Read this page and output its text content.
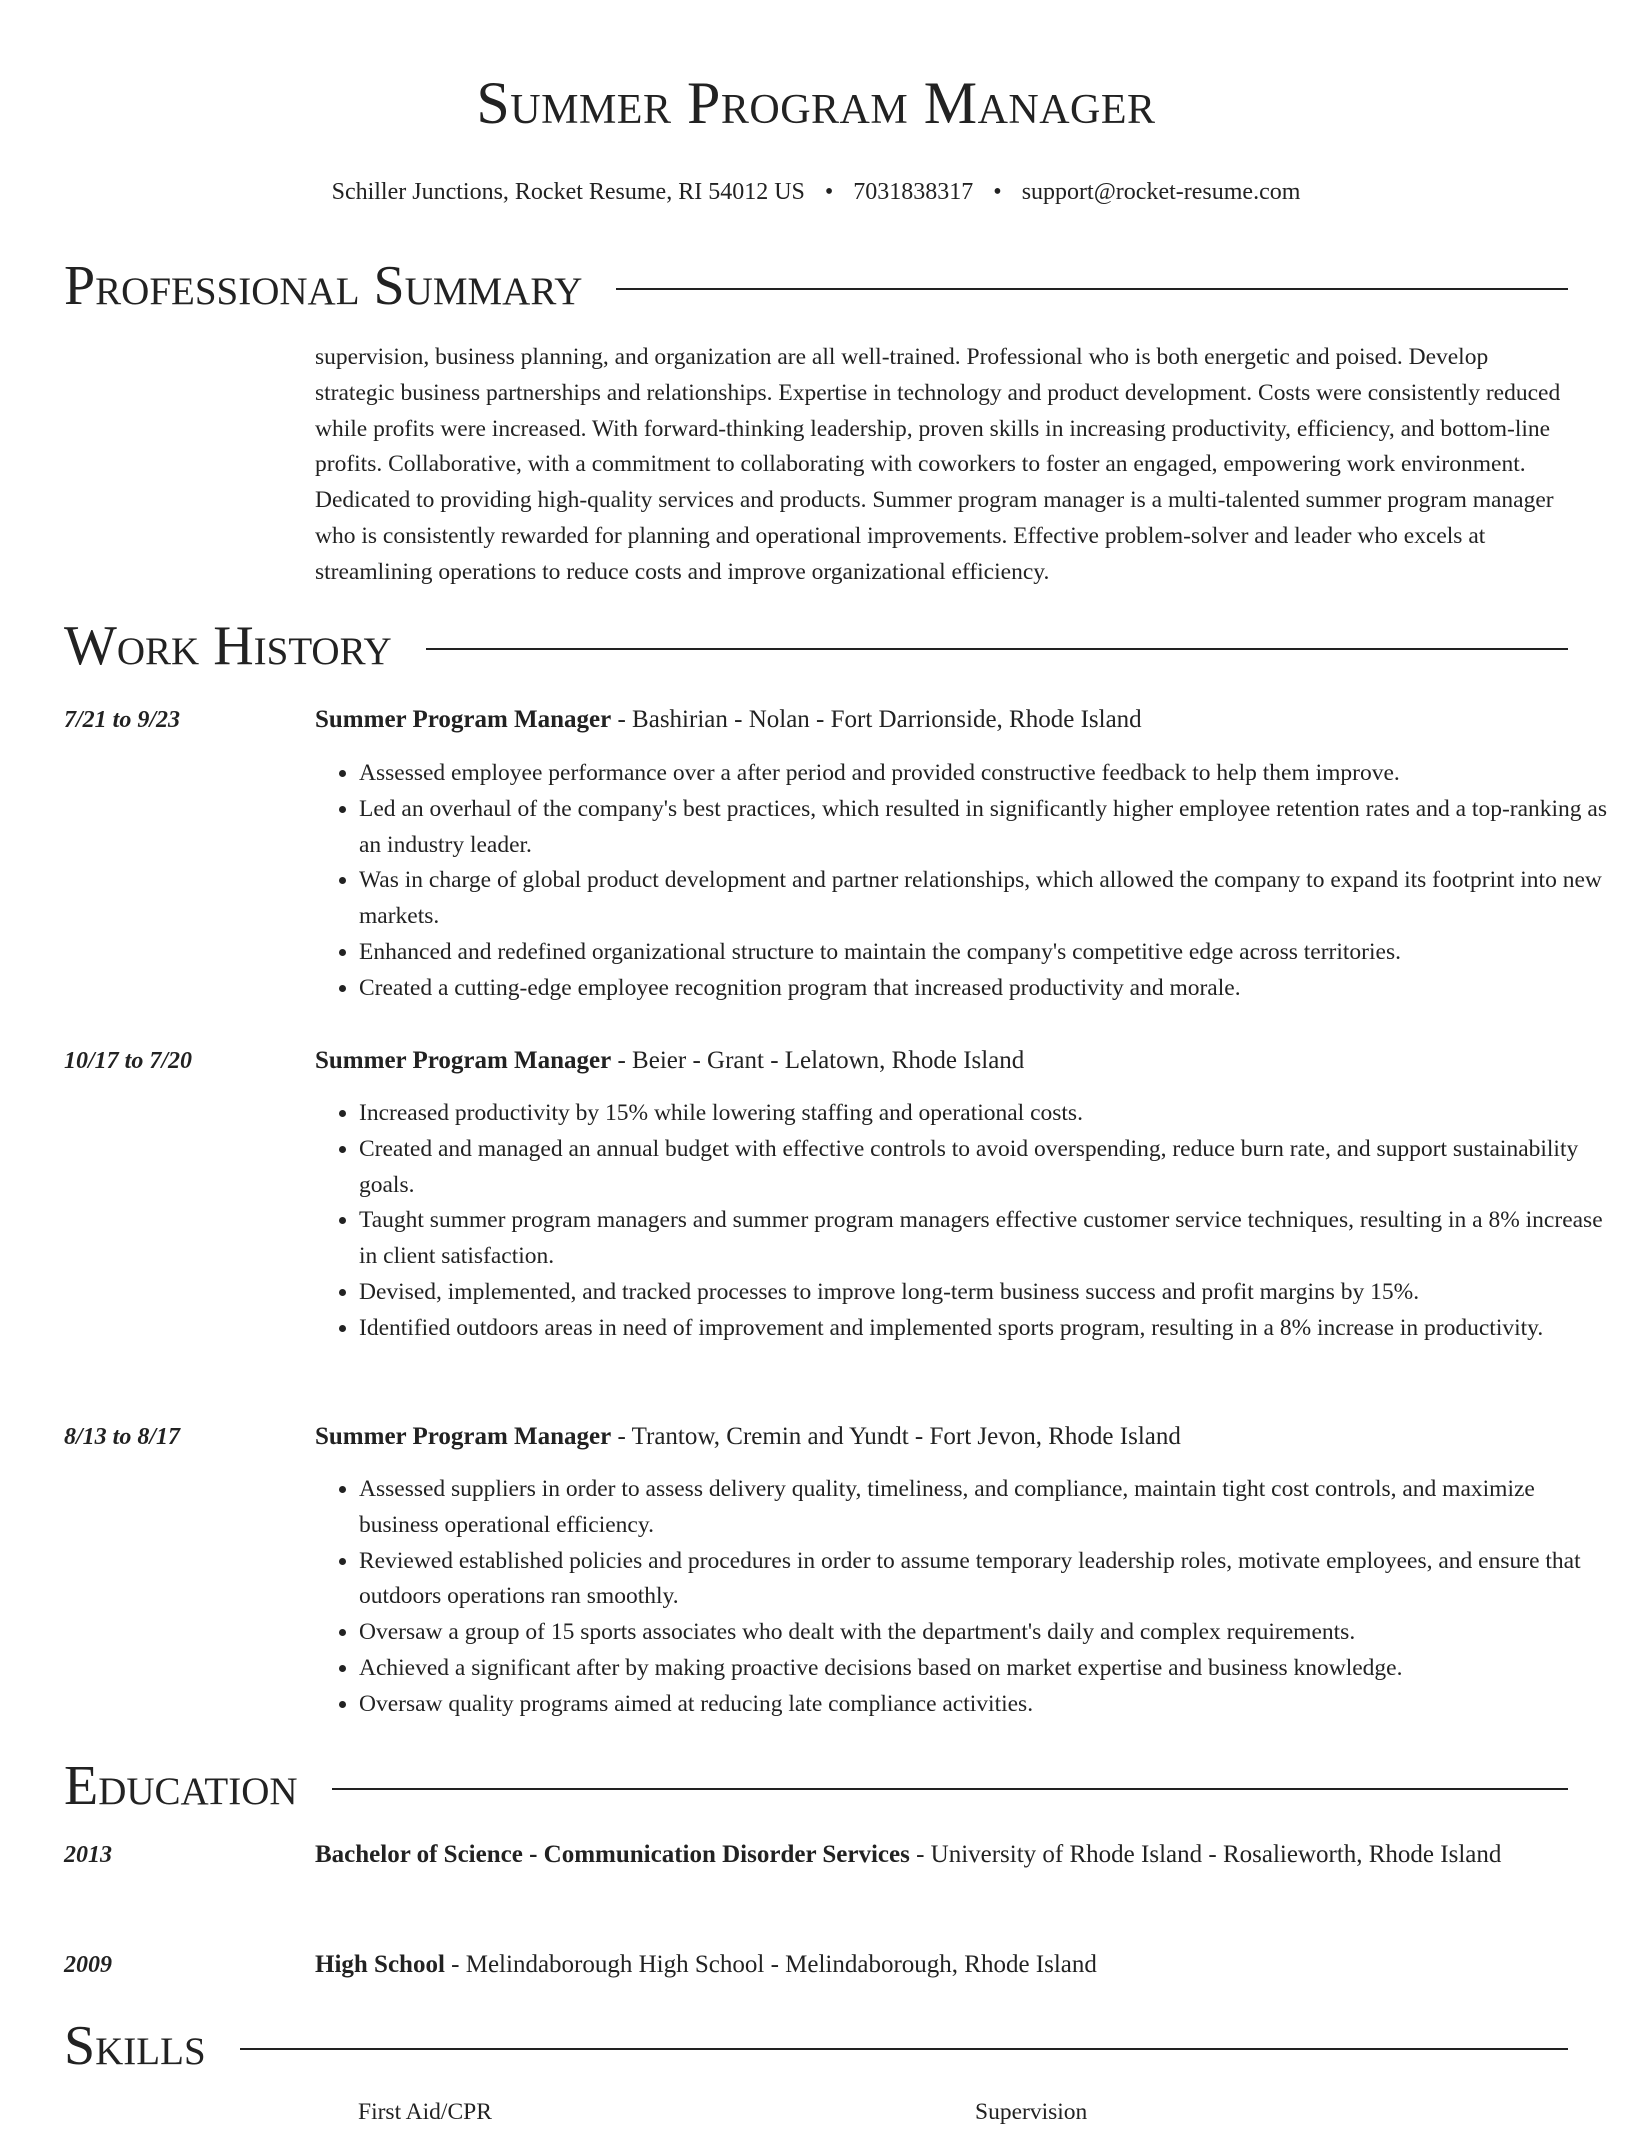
Summer Program Manager
Schiller Junctions, Rocket Resume, RI 54012 US • 7031838317 • support@rocket-resume.com
Professional Summary

supervision, business planning, and organization are all well-trained. Professional who is both energetic and poised. Develop strategic business partnerships and relationships. Expertise in technology and product development. Costs were consistently reduced while profits were increased. With forward-thinking leadership, proven skills in increasing productivity, efficiency, and bottom-line profits. Collaborative, with a commitment to collaborating with coworkers to foster an engaged, empowering work environment. Dedicated to providing high-quality services and products. Summer program manager is a multi-talented summer program manager who is consistently rewarded for planning and operational improvements. Effective problem-solver and leader who excels at streamlining operations to reduce costs and improve organizational efficiency.

Work History
7/21 to 9/23	Summer Program Manager - Bashirian - Nolan - Fort Darrionside, Rhode Island
• Assessed employee performance over a after period and provided constructive feedback to help them improve.
• Led an overhaul of the company's best practices, which resulted in significantly higher employee retention rates and a top-ranking as an industry leader.
• Was in charge of global product development and partner relationships, which allowed the company to expand its footprint into new markets.
• Enhanced and redefined organizational structure to maintain the company's competitive edge across territories.
• Created a cutting-edge employee recognition program that increased productivity and morale.
10/17 to 7/20	Summer Program Manager - Beier - Grant - Lelatown, Rhode Island
• Increased productivity by 15% while lowering staffing and operational costs.
• Created and managed an annual budget with effective controls to avoid overspending, reduce burn rate, and support sustainability goals.
• Taught summer program managers and summer program managers effective customer service techniques, resulting in a 8% increase in client satisfaction.
• Devised, implemented, and tracked processes to improve long-term business success and profit margins by 15%.
• Identified outdoors areas in need of improvement and implemented sports program, resulting in a 8% increase in productivity.
8/13 to 8/17	Summer Program Manager - Trantow, Cremin and Yundt - Fort Jevon, Rhode Island
• Assessed suppliers in order to assess delivery quality, timeliness, and compliance, maintain tight cost controls, and maximize business operational efficiency.
• Reviewed established policies and procedures in order to assume temporary leadership roles, motivate employees, and ensure that outdoors operations ran smoothly.
• Oversaw a group of 15 sports associates who dealt with the department's daily and complex requirements.
• Achieved a significant after by making proactive decisions based on market expertise and business knowledge.
• Oversaw quality programs aimed at reducing late compliance activities.
Education
2013	Bachelor of Science - Communication Disorder Services - University of Rhode Island - Rosalieworth, Rhode Island
2009	High School - Melindaborough High School - Melindaborough, Rhode Island
Skills
First Aid/CPR	Supervision
